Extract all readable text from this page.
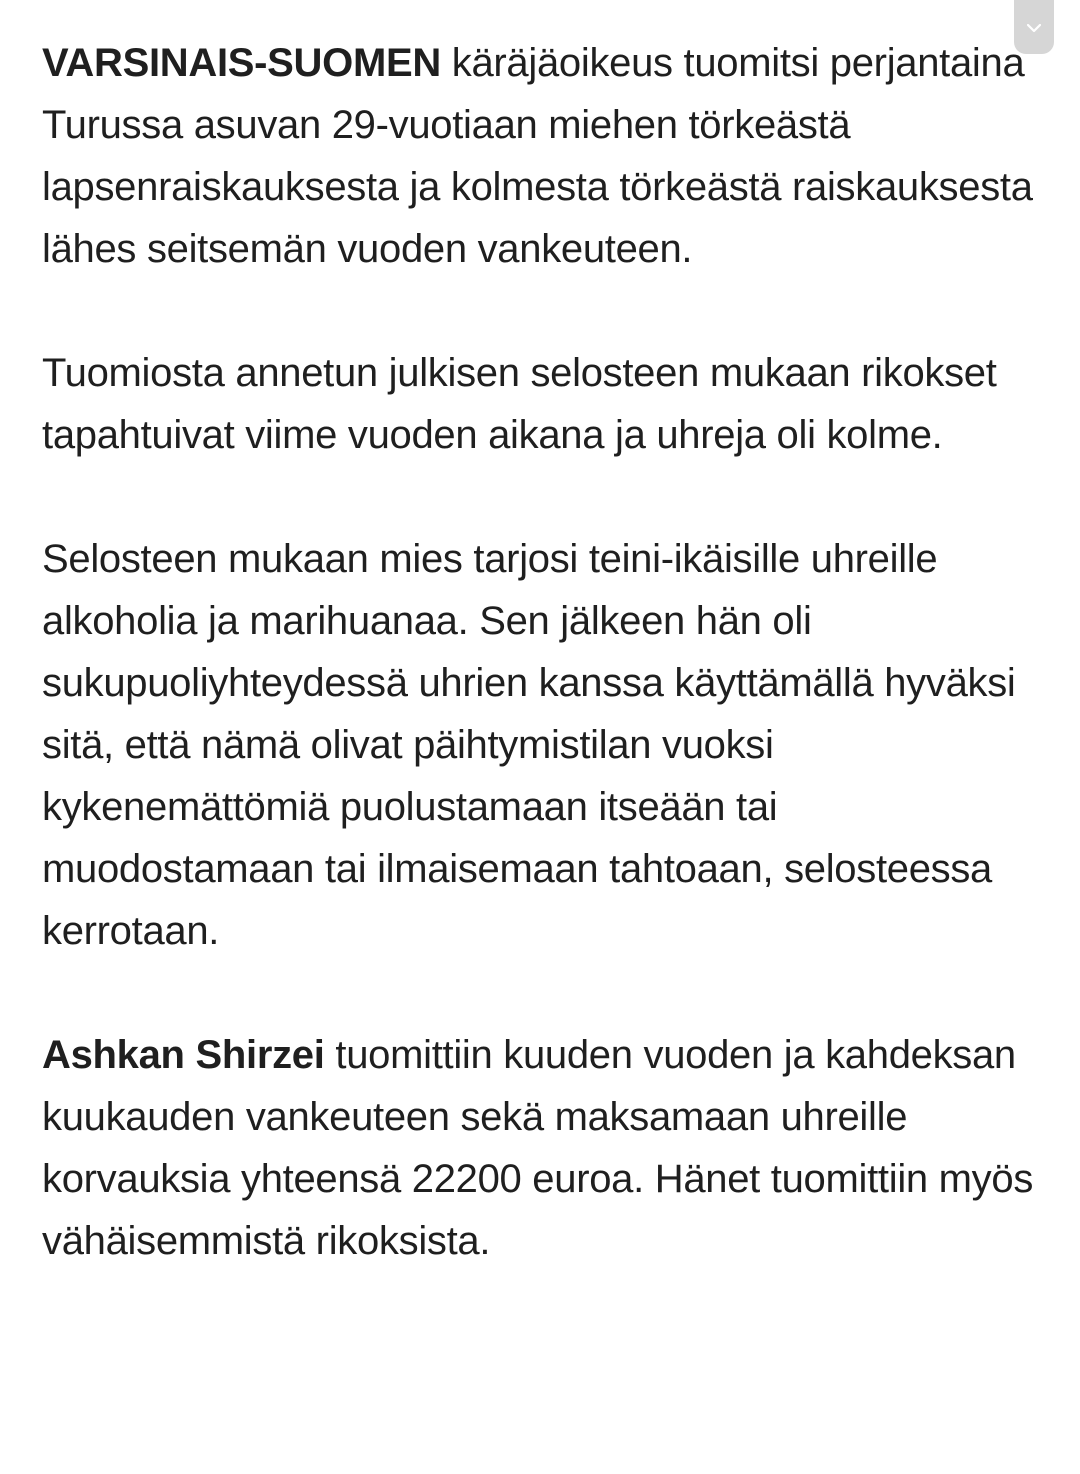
VARSINAIS-SUOMEN käräjäoikeus tuomitsi perjantaina Turussa asuvan 29-vuotiaan miehen törkeästä lapsenraiskauksesta ja kolmesta törkeästä raiskauksesta lähes seitsemän vuoden vankeuteen.

Tuomiosta annetun julkisen selosteen mukaan rikokset tapahtuivat viime vuoden aikana ja uhreja oli kolme.

Selosteen mukaan mies tarjosi teini-ikäisille uhreille alkoholia ja marihuanaa. Sen jälkeen hän oli sukupuoliyhteydessä uhrien kanssa käyttämällä hyväksi sitä, että nämä olivat päihtymistilan vuoksi kykenemättömiä puolustamaan itseään tai muodostamaan tai ilmaisemaan tahtoaan, selosteessa kerrotaan.

Ashkan Shirzei tuomittiin kuuden vuoden ja kahdeksan kuukauden vankeuteen sekä maksamaan uhreille korvauksia yhteensä 22200 euroa. Hänet tuomittiin myös vähäisemmistä rikoksista.
